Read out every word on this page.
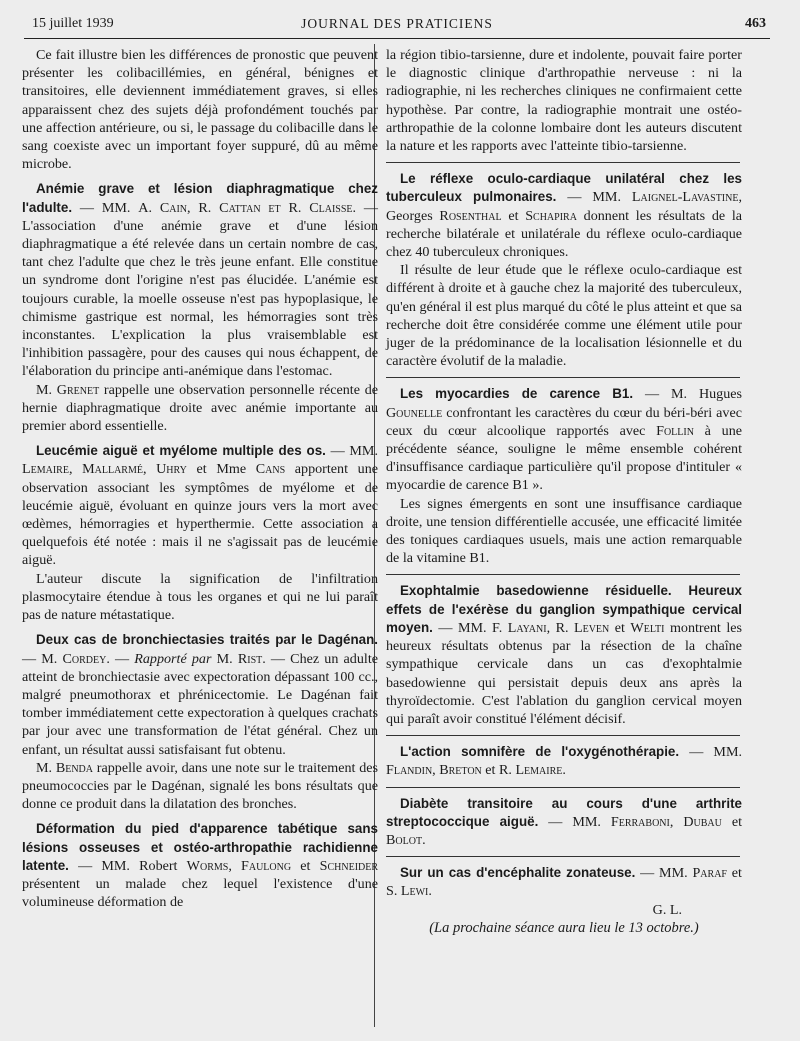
15 juillet 1939	JOURNAL DES PRATICIENS	463

Ce fait illustre bien les différences de pronostic que peuvent présenter les colibacillémies, en général, bénignes et transitoires, elle deviennent immédiatement graves, si elles apparaissent chez des sujets déjà profondément touchés par une affection antérieure, ou si, le passage du colibacille dans le sang coexiste avec un important foyer suppuré, dû au même microbe.

Anémie grave et lésion diaphragmatique chez l'adulte. — MM. A. Cain, R. Cattan et R. Claisse. — L'association d'une anémie grave et d'une lésion diaphragmatique a été relevée dans un certain nombre de cas, tant chez l'adulte que chez le très jeune enfant. Elle constitue un syndrome dont l'origine n'est pas élucidée. L'anémie est toujours curable, la moelle osseuse n'est pas hypoplasique, le chimisme gastrique est normal, les hémorragies sont très inconstantes. L'explication la plus vraisemblable est l'inhibition passagère, pour des causes qui nous échappent, de l'élaboration du principe anti-anémique dans l'estomac.

M. Grenet rappelle une observation personnelle récente de hernie diaphragmatique droite avec anémie importante au premier abord essentielle.

Leucémie aiguë et myélome multiple des os. — MM. Lemaire, Mallarmé, Uhry et Mme Cans apportent une observation associant les symptômes de myélome et de leucémie aiguë, évoluant en quinze jours vers la mort avec œdèmes, hémorragies et hyperthermie. Cette association a quelquefois été notée : mais il ne s'agissait pas de leucémie aiguë.

L'auteur discute la signification de l'infiltration plasmocytaire étendue à tous les organes et qui ne lui paraît pas de nature métastatique.

Deux cas de bronchiectasies traités par le Dagénan. — M. Cordey. — Rapporté par M. Rist. — Chez un adulte atteint de bronchiectasie avec expectoration dépassant 100 cc., malgré pneumothorax et phrénicectomie. Le Dagénan fait tomber immédiatement cette expectoration à quelques crachats par jour avec une transformation de l'état général. Chez un enfant, un résultat aussi satisfaisant fut obtenu.

M. Benda rappelle avoir, dans une note sur le traitement des pneumococcies par le Dagénan, signalé les bons résultats que donne ce produit dans la dilatation des bronches.

Déformation du pied d'apparence tabétique sans lésions osseuses et ostéo-arthropathie rachidienne latente. — MM. Robert Worms, Faulong et Schneider présentent un malade chez lequel l'existence d'une volumineuse déformation de

la région tibio-tarsienne, dure et indolente, pouvait faire porter le diagnostic clinique d'arthropathie nerveuse : ni la radiographie, ni les recherches cliniques ne confirmaient cette hypothèse. Par contre, la radiographie montrait une ostéo-arthropathie de la colonne lombaire dont les auteurs discutent la nature et les rapports avec l'atteinte tibio-tarsienne.

Le réflexe oculo-cardiaque unilatéral chez les tuberculeux pulmonaires. — MM. Laignel-Lavastine, Georges Rosenthal et Schapira donnent les résultats de la recherche bilatérale et unilatérale du réflexe oculo-cardiaque chez 40 tuberculeux chroniques.

Il résulte de leur étude que le réflexe oculo-cardiaque est différent à droite et à gauche chez la majorité des tuberculeux, qu'en général il est plus marqué du côté le plus atteint et que sa recherche doit être considérée comme une élément utile pour juger de la prédominance de la localisation lésionnelle et du caractère évolutif de la maladie.

Les myocardies de carence B1. — M. Hugues Gounelle confrontant les caractères du cœur du béri-béri avec ceux du cœur alcoolique rapportés avec Follin à une précédente séance, souligne le même ensemble cohérent d'insuffisance cardiaque particulière qu'il propose d'intituler « myocardie de carence B1 ».

Les signes émergents en sont une insuffisance cardiaque droite, une tension différentielle accusée, une efficacité limitée des toniques cardiaques usuels, mais une action remarquable de la vitamine B1.

Exophtalmie basedowienne résiduelle. Heureux effets de l'exérèse du ganglion sympathique cervical moyen. — MM. F. Layani, R. Leven et Welti montrent les heureux résultats obtenus par la résection de la chaîne sympathique cervicale dans un cas d'exophtalmie basedowienne qui persistait depuis deux ans après la thyroïdectomie. C'est l'ablation du ganglion cervical moyen qui paraît avoir constitué l'élément décisif.

L'action somnifère de l'oxygénothérapie. — MM. Flandin, Breton et R. Lemaire.

Diabète transitoire au cours d'une arthrite streptococcique aiguë. — MM. Ferraboni, Dubau et Bolot.

Sur un cas d'encéphalite zonateuse. — MM. Paraf et S. Lewi.

G. L.

(La prochaine séance aura lieu le 13 octobre.)
